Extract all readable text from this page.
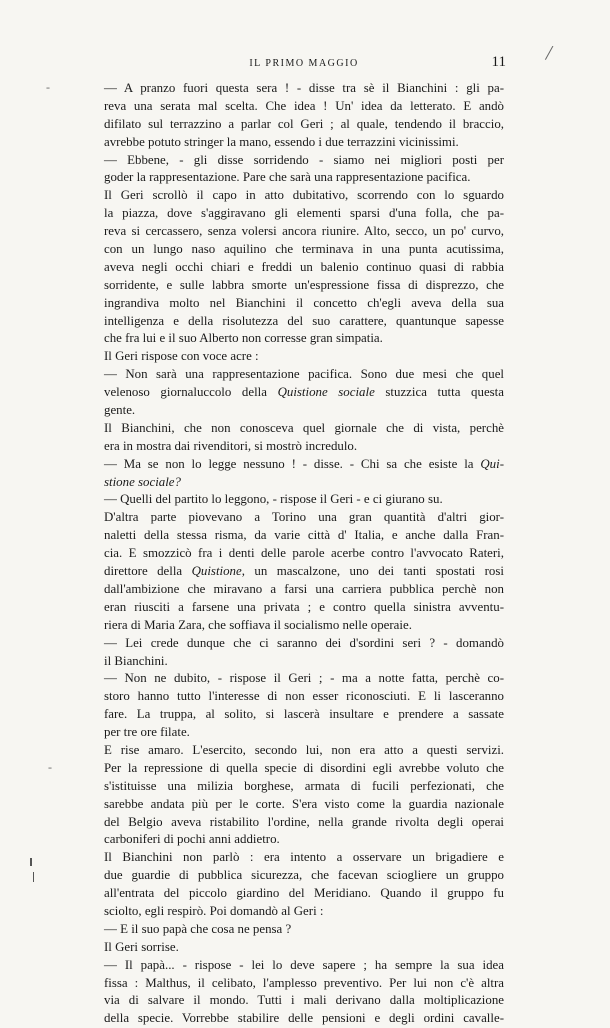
IL PRIMO MAGGIO	11 /
-
-
— A pranzo fuori questa sera ! - disse tra sè il Bianchini : gli pa-
reva una serata mal scelta. Che idea ! Un' idea da letterato. E andò
difilato sul terrazzino a parlar col Geri ; al quale, tendendo il braccio,
avrebbe potuto stringer la mano, essendo i due terrazzini vicinissimi.
— Ebbene, - gli disse sorridendo - siamo nei migliori posti per
goder la rappresentazione. Pare che sarà una rappresentazione pacifica.
Il Geri scrollò il capo in atto dubitativo, scorrendo con lo sguardo
la piazza, dove s'aggiravano gli elementi sparsi d'una folla, che pa-
reva si cercassero, senza volersi ancora riunire. Alto, secco, un po' curvo,
con un lungo naso aquilino che terminava in una punta acutissima,
aveva negli occhi chiari e freddi un balenio continuo quasi di rabbia
sorridente, e sulle labbra smorte un'espressione fissa di disprezzo, che
ingrandiva molto nel Bianchini il concetto ch'egli aveva della sua
intelligenza e della risolutezza del suo carattere, quantunque sapesse
che fra lui e il suo Alberto non corresse gran simpatia.
Il Geri rispose con voce acre :
— Non sarà una rappresentazione pacifica. Sono due mesi che quel
velenoso giornaluccolo della Quistione sociale stuzzica tutta questa
gente.
Il Bianchini, che non conosceva quel giornale che di vista, perchè
era in mostra dai rivenditori, si mostrò incredulo.
— Ma se non lo legge nessuno ! - disse. - Chi sa che esiste la Qui-
stione sociale?
— Quelli del partito lo leggono, - rispose il Geri - e ci giurano su.
D'altra parte piovevano a Torino una gran quantità d'altri gior-
naletti della stessa risma, da varie città d' Italia, e anche dalla Fran-
cia. E smozzicò fra i denti delle parole acerbe contro l'avvocato Rateri,
direttore della Quistione, un mascalzone, uno dei tanti spostati rosi
dall'ambizione che miravano a farsi una carriera pubblica perchè non
eran riusciti a farsene una privata ; e contro quella sinistra avventu-
riera di Maria Zara, che soffiava il socialismo nelle operaie.
— Lei crede dunque che ci saranno dei d'sordini seri ? - domandò
il Bianchini.
— Non ne dubito, - rispose il Geri ; - ma a notte fatta, perchè co-
storo hanno tutto l'interesse di non esser riconosciuti. E li lasceranno
fare. La truppa, al solito, si lascerà insultare e prendere a sassate
per tre ore filate.
E rise amaro. L'esercito, secondo lui, non era atto a questi servizi.
Per la repressione di quella specie di disordini egli avrebbe voluto che
s'istituisse una milizia borghese, armata di fucili perfezionati, che
sarebbe andata più per le corte. S'era visto come la guardia nazionale
del Belgio aveva ristabilito l'ordine, nella grande rivolta degli operai
carboniferi di pochi anni addietro.
Il Bianchini non parlò : era intento a osservare un brigadiere e
due guardie di pubblica sicurezza, che facevan sciogliere un gruppo
all'entrata del piccolo giardino del Meridiano. Quando il gruppo fu
sciolto, egli respirò. Poi domandò al Geri :
— E il suo papà che cosa ne pensa ?
Il Geri sorrise.
— Il papà... - rispose - lei lo deve sapere ; ha sempre la sua idea
fissa : Malthus, il celibato, l'amplesso preventivo. Per lui non c'è altra
via di salvare il mondo. Tutti i mali derivano dalla moltiplicazione
della specie. Vorrebbe stabilire delle pensioni e degli ordini cavalle-
